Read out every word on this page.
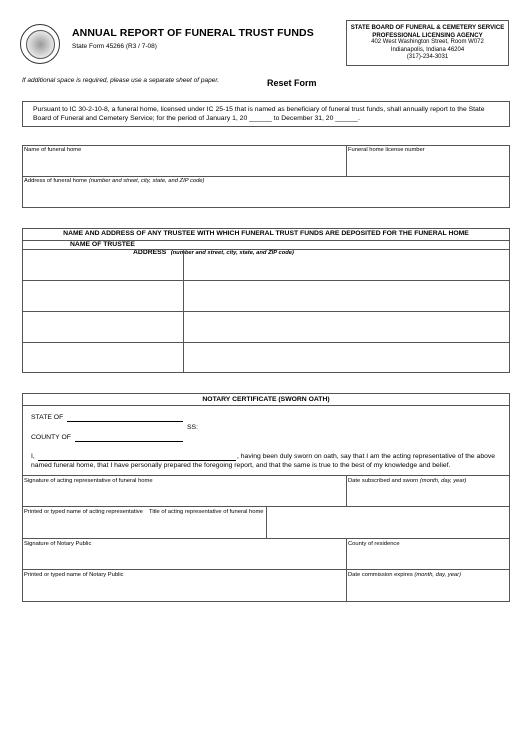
ANNUAL REPORT OF FUNERAL TRUST FUNDS
State Form 45266 (R3 / 7-08)
STATE BOARD OF FUNERAL & CEMETERY SERVICE
PROFESSIONAL LICENSING AGENCY
402 West Washington Street, Room W072
Indianapolis, Indiana 46204
(317)-234-3031
If additional space is required, please use a separate sheet of paper.	Reset Form
Pursuant to IC 30-2-10-8, a funeral home, licensed under IC 25-15 that is named as beneficiary of funeral trust funds, shall annually report to the State
Board of Funeral and Cemetery Service; for the period of January 1, 20 ______ to December 31, 20 ______.
Name of funeral home	Funeral home license number
Address of funeral home (number and street, city, state, and ZIP code)
NAME AND ADDRESS OF ANY TRUSTEE WITH WHICH FUNERAL TRUST FUNDS ARE DEPOSITED FOR THE FUNERAL HOME
NAME OF TRUSTEE
ADDRESS (number and street, city, state, and ZIP code)
NOTARY CERTIFICATE (SWORN OATH)
STATE OF
SS:
COUNTY OF
I,	, having been duly sworn on oath, say that I am the acting representative of the above
named funeral home, that I have personally prepared the foregoing report, and that the same is true to the best of my knowledge and belief.
Signature of acting representative of funeral home	Date subscribed and sworn (month, day, year)
Printed or typed name of acting representative Title of acting representative of funeral home
Signature of Notary Public	County of residence
Printed or typed name of Notary Public	Date commission expires (month, day, year)
